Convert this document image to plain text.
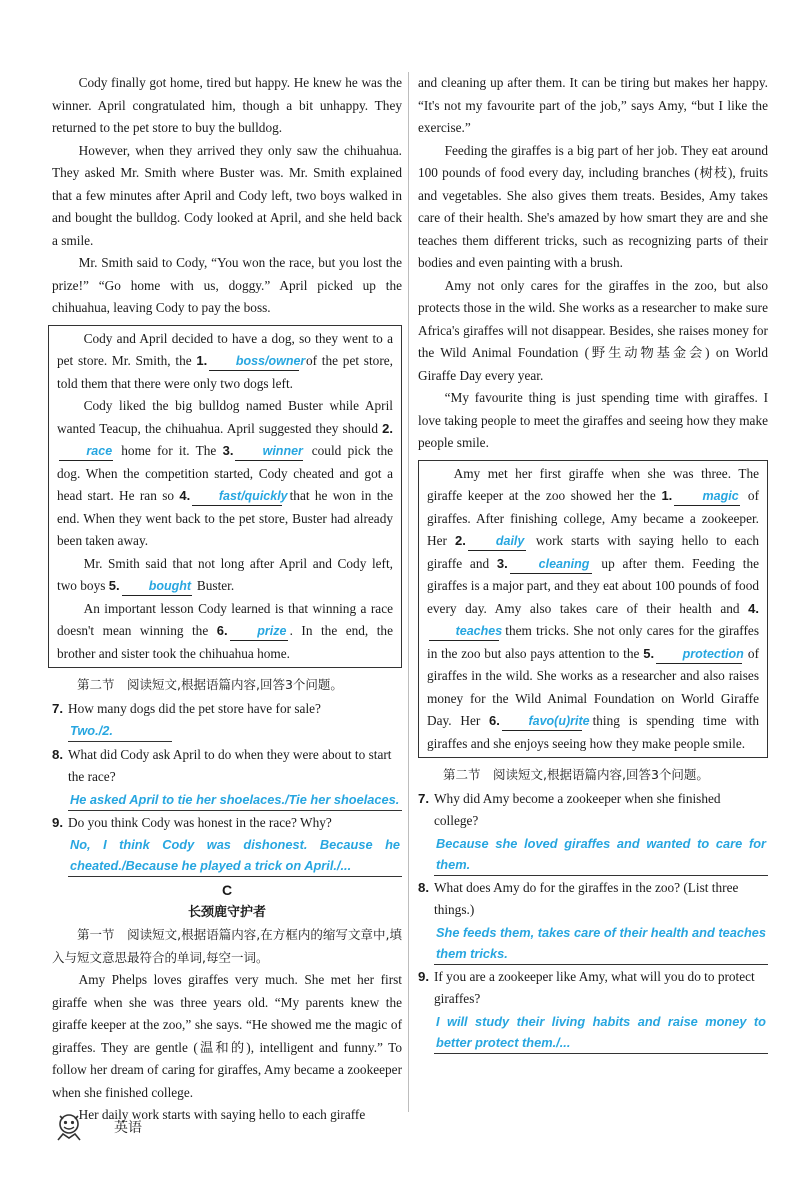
Cody finally got home, tired but happy. He knew he was the winner. April congratulated him, though a bit unhappy. They returned to the pet store to buy the bulldog.

However, when they arrived they only saw the chihuahua. They asked Mr. Smith where Buster was. Mr. Smith explained that a few minutes after April and Cody left, two boys walked in and bought the bulldog. Cody looked at April, and she held back a smile.

Mr. Smith said to Cody, “You won the race, but you lost the prize!” “Go home with us, doggy.” April picked up the chihuahua, leaving Cody to pay the boss.

Cody and April decided to have a dog, so they went to a pet store. Mr. Smith, the 1. boss/owner of the pet store, told them that there were only two dogs left.

Cody liked the big bulldog named Buster while April wanted Teacup, the chihuahua. April suggested they should 2.race home for it. The 3. winner could pick the dog. When the competition started, Cody cheated and got a head start. He ran so 4. fast/quickly that he won in the end. When they went back to the pet store, Buster had already been taken away.

Mr. Smith said that not long after April and Cody left, two boys 5. bought Buster.

An important lesson Cody learned is that winning a race doesn't mean winning the 6. prize . In the end, the brother and sister took the chihuahua home.

第二节　阅读短文,根据语篇内容,回答3个问题。

7. How many dogs did the pet store have for sale?
Two./2.
8. What did Cody ask April to do when they were about to start the race?
He asked April to tie her shoelaces./Tie her shoelaces.
9. Do you think Cody was honest in the race? Why?
No, I think Cody was dishonest. Because he cheated./Because he played a trick on April./...
C
长颈鹿守护者

第一节　阅读短文,根据语篇内容,在方框内的缩写文章中,填入与短文意思最符合的单词,每空一词。

Amy Phelps loves giraffes very much. She met her first giraffe when she was three years old. “My parents knew the giraffe keeper at the zoo,” she says. “He showed me the magic of giraffes. They are gentle (温和的), intelligent and funny.” To follow her dream of caring for giraffes, Amy became a zookeeper when she finished college.

Her daily work starts with saying hello to each giraffe

and cleaning up after them. It can be tiring but makes her happy. “It's not my favourite part of the job,” says Amy, “but I like the exercise.”

Feeding the giraffes is a big part of her job. They eat around 100 pounds of food every day, including branches (树枝), fruits and vegetables. She also gives them treats. Besides, Amy takes care of their health. She's amazed by how smart they are and she teaches them different tricks, such as recognizing parts of their bodies and even painting with a brush.

Amy not only cares for the giraffes in the zoo, but also protects those in the wild. She works as a researcher to make sure Africa's giraffes will not disappear. Besides, she raises money for the Wild Animal Foundation (野生动物基金会) on World Giraffe Day every year.

“My favourite thing is just spending time with giraffes. I love taking people to meet the giraffes and seeing how they make people smile.

Amy met her first giraffe when she was three. The giraffe keeper at the zoo showed her the 1. magic of giraffes. After finishing college, Amy became a zookeeper. Her 2. daily work starts with saying hello to each giraffe and 3. cleaning up after them. Feeding the giraffes is a major part, and they eat about 100 pounds of food every day. Amy also takes care of their health and 4.teaches them tricks. She not only cares for the giraffes in the zoo but also pays attention to the 5. protection of giraffes in the wild. She works as a researcher and also raises money for the Wild Animal Foundation on World Giraffe Day. Her 6. favo(u)rite thing is spending time with giraffes and she enjoys seeing how they make people smile.

第二节　阅读短文,根据语篇内容,回答3个问题。

7. Why did Amy become a zookeeper when she finished college?
Because she loved giraffes and wanted to care for them.
8. What does Amy do for the giraffes in the zoo? (List three things.)
She feeds them, takes care of their health and teaches them tricks.
9. If you are a zookeeper like Amy, what will you do to protect giraffes?
I will study their living habits and raise money to better protect them./...
英语
